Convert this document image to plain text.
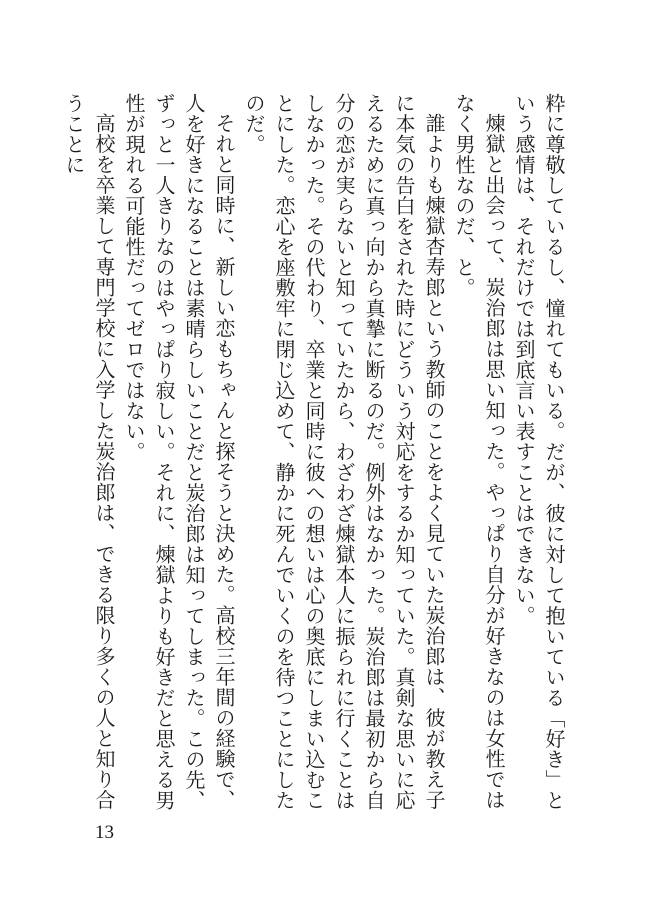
粋に尊敬しているし、憧れてもいる。だが、彼に対して抱いている「好き」という感情は、それだけでは到底言い表すことはできない。

煉獄と出会って、炭治郎は思い知った。やっぱり自分が好きなのは女性ではなく男性なのだ、と。

誰よりも煉獄杏寿郎という教師のことをよく見ていた炭治郎は、彼が教え子に本気の告白をされた時にどういう対応をするか知っていた。真剣な思いに応えるために真っ向から真摯に断るのだ。例外はなかった。炭治郎は最初から自分の恋が実らないと知っていたから、わざわざ煉獄本人に振られに行くことはしなかった。その代わり、卒業と同時に彼への想いは心の奥底にしまい込むことにした。恋心を座敷牢に閉じ込めて、静かに死んでいくのを待つことにしたのだ。

それと同時に、新しい恋もちゃんと探そうと決めた。高校三年間の経験で、人を好きになることは素晴らしいことだと炭治郎は知ってしまった。この先、ずっと一人きりなのはやっぱり寂しい。それに、煉獄よりも好きだと思える男性が現れる可能性だってゼロではない。

高校を卒業して専門学校に入学した炭治郎は、できる限り多くの人と知り合うことに

13
